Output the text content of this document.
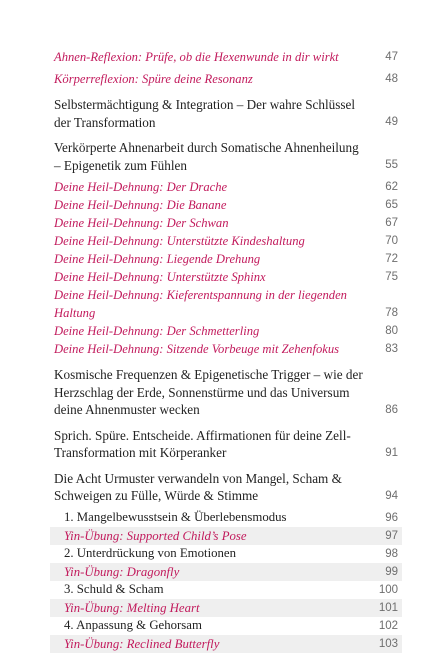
Ahnen-Reflexion: Prüfe, ob die Hexenwunde in dir wirkt	47
Körperreflexion: Spüre deine Resonanz	48
Selbstermächtigung & Integration – Der wahre Schlüssel der Transformation	49
Verkörperte Ahnenarbeit durch Somatische Ahnenheilung – Epigenetik zum Fühlen	55
Deine Heil-Dehnung: Der Drache	62
Deine Heil-Dehnung: Die Banane	65
Deine Heil-Dehnung: Der Schwan	67
Deine Heil-Dehnung: Unterstützte Kindeshaltung	70
Deine Heil-Dehnung: Liegende Drehung	72
Deine Heil-Dehnung: Unterstützte Sphinx	75
Deine Heil-Dehnung: Kieferentspannung in der liegenden Haltung	78
Deine Heil-Dehnung: Der Schmetterling	80
Deine Heil-Dehnung: Sitzende Vorbeuge mit Zehenfokus	83
Kosmische Frequenzen & Epigenetische Trigger – wie der Herzschlag der Erde, Sonnenstürme und das Universum deine Ahnenmuster wecken	86
Sprich. Spüre. Entscheide. Affirmationen für deine Zell-Transformation mit Körperanker	91
Die Acht Urmuster verwandeln von Mangel, Scham & Schweigen zu Fülle, Würde & Stimme	94
1. Mangelbewusstsein & Überlebensmodus	96
Yin-Übung: Supported Child’s Pose	97
2. Unterdrückung von Emotionen	98
Yin-Übung: Dragonfly	99
3. Schuld & Scham	100
Yin-Übung: Melting Heart	101
4. Anpassung & Gehorsam	102
Yin-Übung: Reclined Butterfly	103
